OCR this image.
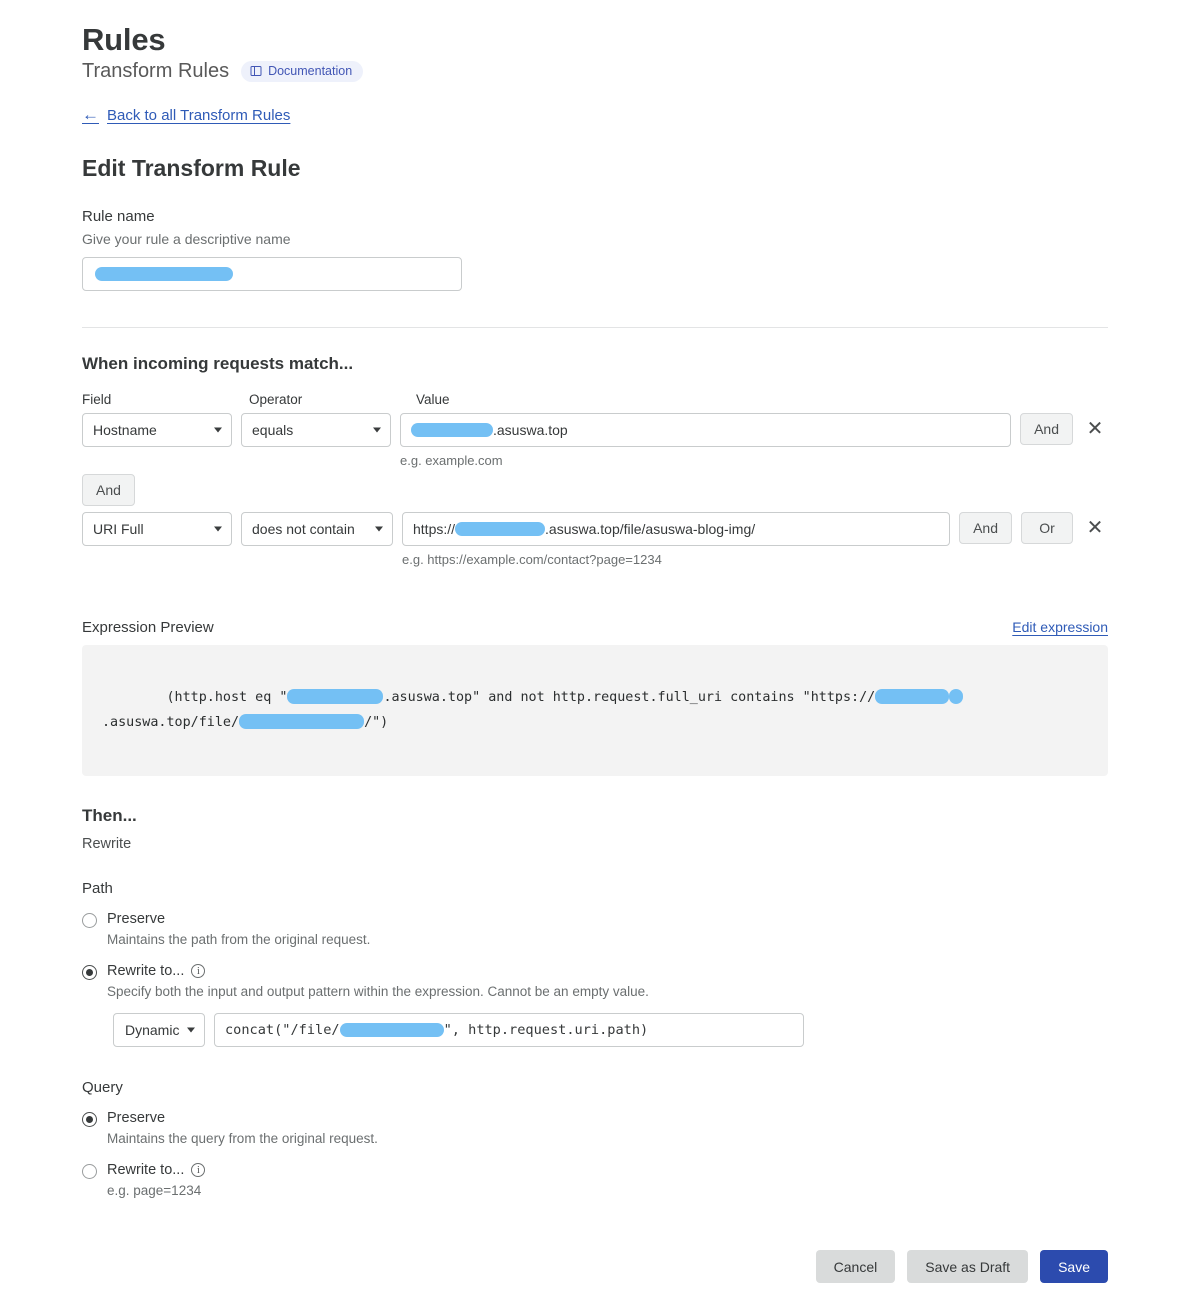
Rules
Transform Rules	Documentation
← Back to all Transform Rules
Edit Transform Rule
Rule name
Give your rule a descriptive name
When incoming requests match...
Field	Operator	Value
Hostname	equals	.asuswa.top
e.g. example.com
And	✕
And
URI Full	does not contain	https://	.asuswa.top/file/asuswa-blog-img/
e.g. https://example.com/contact?page=1234
And	Or	✕
Expression Preview	Edit expression

(http.host eq "	.asuswa.top" and not http.request.full_uri contains "https://.asuswa.top/file/	/")

Then...
Rewrite
Path
Preserve
Maintains the path from the original request.
Rewrite to...	i
Specify both the input and output pattern within the expression. Cannot be an empty value.
Dynamic	concat("/file/	", http.request.uri.path)
Query
Preserve
Maintains the query from the original request.
Rewrite to...	i
e.g. page=1234
Cancel	Save as Draft	Save
